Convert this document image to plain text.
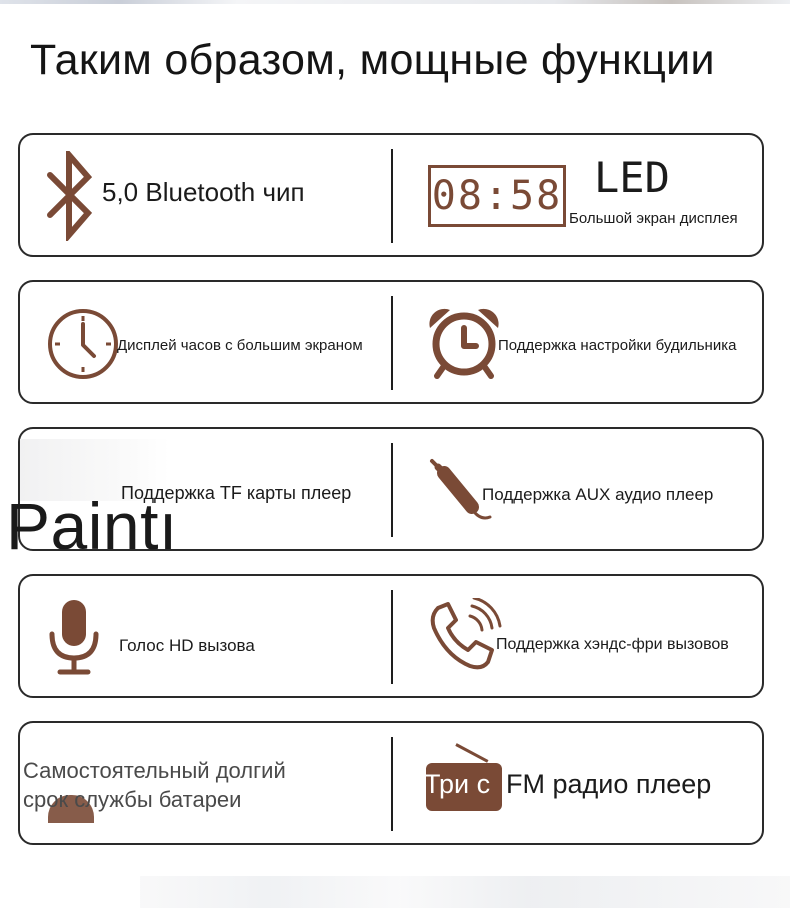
Таким образом, мощные функции
5,0 Bluetooth чип	08:58 LED
Большой экран дисплея
Дисплей часов с большим экраном	Поддержка настройки будильника
Поддержка TF карты плеер	Поддержка AUX аудио плеер
Голос HD вызова	Поддержка хэндс-фри вызовов
Самостоятельный долгий
срок службы батареи
Три с FM радио плеер
Paintı
